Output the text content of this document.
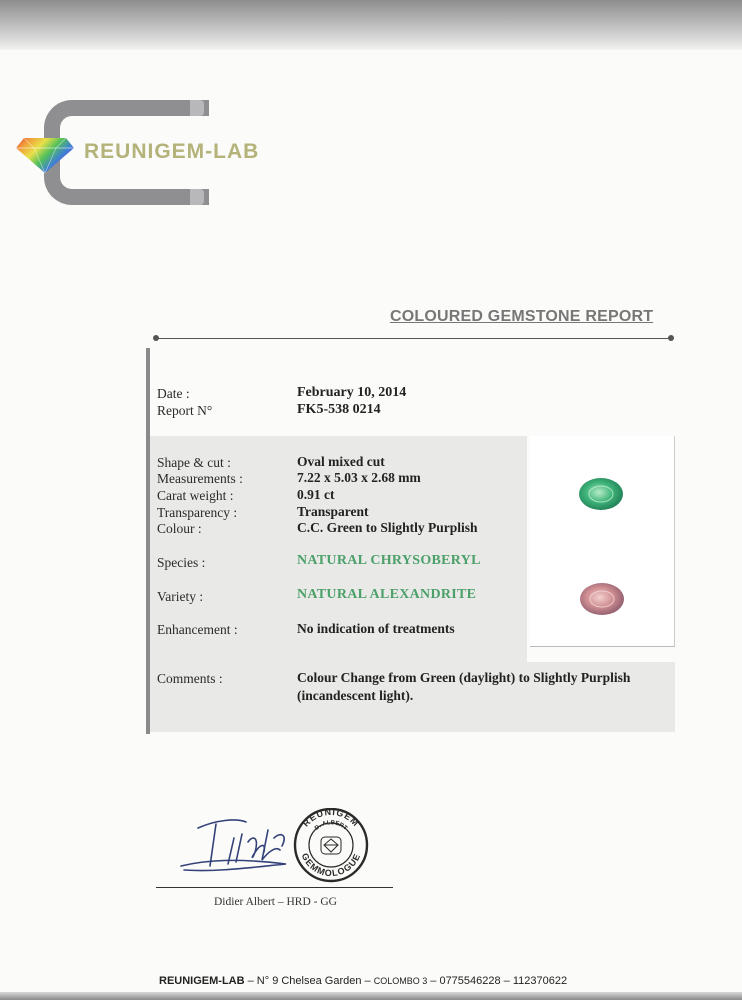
REUNIGEM-LAB
COLOURED GEMSTONE REPORT
Date :	February 10, 2014
Report N°	FK5-538 0214
Shape & cut :	Oval mixed cut
Measurements :	7.22 x 5.03 x 2.68 mm
Carat weight :	0.91 ct
Transparency :	Transparent
Colour :	C.C. Green to Slightly Purplish
Species :	NATURAL CHRYSOBERYL
Variety :	NATURAL ALEXANDRITE
Enhancement :	No indication of treatments
Comments :	Colour Change from Green (daylight) to Slightly Purplish (incandescent light).
REUNIGEM
D. ALBERT
GEMMOLOGUE
Didier Albert – HRD - GG
REUNIGEM-LAB – N° 9 Chelsea Garden – COLOMBO 3 – 0775546228 – 112370622
